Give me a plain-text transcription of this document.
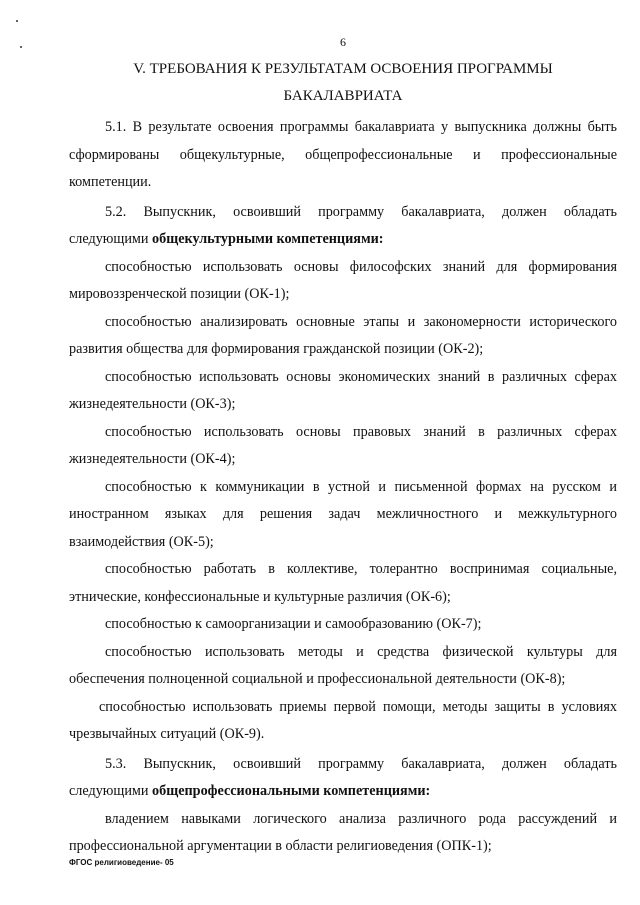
6
V. ТРЕБОВАНИЯ К РЕЗУЛЬТАТАМ ОСВОЕНИЯ ПРОГРАММЫ
БАКАЛАВРИАТА

5.1. В результате освоения программы бакалавриата у выпускника должны быть сформированы общекультурные, общепрофессиональные и профессиональные компетенции.

5.2. Выпускник, освоивший программу бакалавриата, должен обладать следующими общекультурными компетенциями:

способностью использовать основы философских знаний для формирования мировоззренческой позиции (ОК-1);

способностью анализировать основные этапы и закономерности исторического развития общества для формирования гражданской позиции (ОК-2);

способностью использовать основы экономических знаний в различных сферах жизнедеятельности (ОК-3);

способностью использовать основы правовых знаний в различных сферах жизнедеятельности (ОК-4);

способностью к коммуникации в устной и письменной формах на русском и иностранном языках для решения задач межличностного и межкультурного взаимодействия (ОК-5);

способностью работать в коллективе, толерантно воспринимая социальные, этнические, конфессиональные и культурные различия (ОК-6);

способностью к самоорганизации и самообразованию (ОК-7);

способностью использовать методы и средства физической культуры для обеспечения полноценной социальной и профессиональной деятельности (ОК-8);

способностью использовать приемы первой помощи, методы защиты в условиях чрезвычайных ситуаций (ОК-9).

5.3. Выпускник, освоивший программу бакалавриата, должен обладать следующими общепрофессиональными компетенциями:

владением навыками логического анализа различного рода рассуждений и профессиональной аргументации в области религиоведения (ОПК-1);

ФГОС религиоведение- 05
